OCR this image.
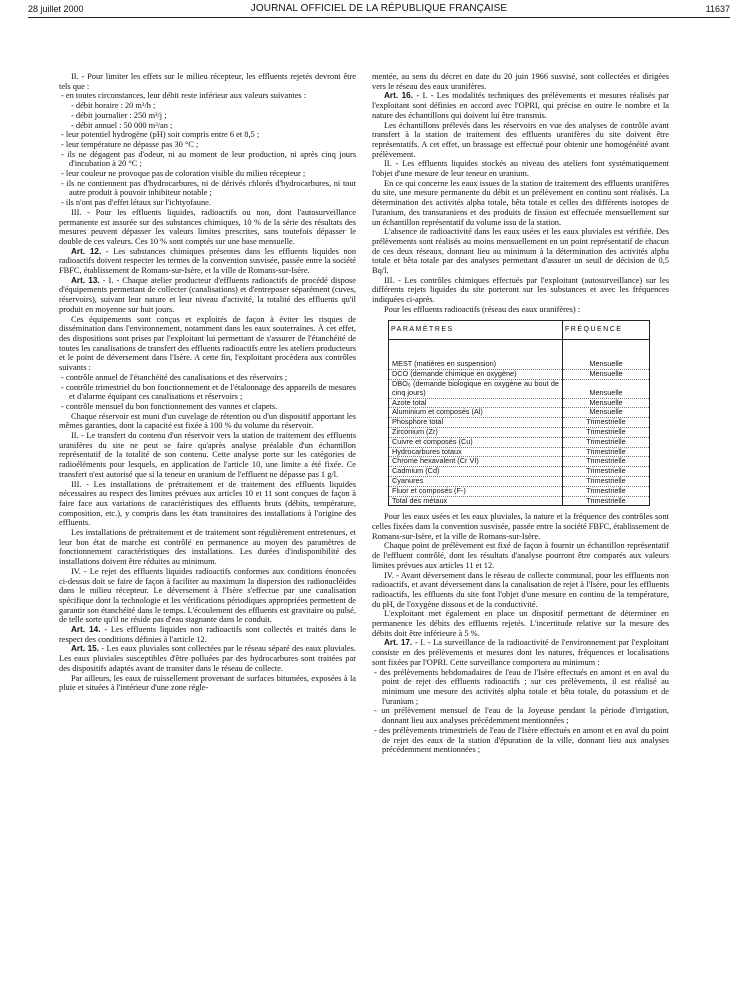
28 juillet 2000	JOURNAL OFFICIEL DE LA RÉPUBLIQUE FRANÇAISE	11637

II. - Pour limiter les effets sur le milieu récepteur, les effluents rejetés devront être tels que :

- en toutes circonstances, leur débit reste inférieur aux valeurs suivantes :
- débit horaire : 20 m³/h ;
- débit journalier : 250 m³/j ;
- débit annuel : 50 000 m³/an ;
- leur potentiel hydrogène (pH) soit compris entre 6 et 8,5 ;
- leur température ne dépasse pas 30 °C ;
- ils ne dégagent pas d'odeur, ni au moment de leur production, ni après cinq jours d'incubation à 20 °C ;
- leur couleur ne provoque pas de coloration visible du milieu récepteur ;
- ils ne contiennent pas d'hydrocarbures, ni de dérivés chlorés d'hydrocarbures, ni tout autre produit à pouvoir inhibiteur notable ;
- ils n'ont pas d'effet létaux sur l'ichtyofaune.

III. - Pour les effluents liquides, radioactifs ou non, dont l'autosurveillance permanente est assurée sur des substances chimiques, 10 % de la série des résultats des mesures peuvent dépasser les valeurs limites prescrites, sans toutefois dépasser le double de ces valeurs. Ces 10 % sont comptés sur une base mensuelle.

Art. 12. - Les substances chimiques présentes dans les effluents liquides non radioactifs doivent respecter les termes de la convention susvisée, passée entre la société FBFC, établissement de Romans-sur-Isère, et la ville de Romans-sur-Isère.

Art. 13. - I. - Chaque atelier producteur d'effluents radioactifs de procédé dispose d'équipements permettant de collecter (canalisations) et d'entreposer séparément (cuves, réservoirs), suivant leur nature et leur niveau d'activité, la totalité des effluents qu'il produit en moyenne sur huit jours.

Ces équipements sont conçus et exploités de façon à éviter les risques de dissémination dans l'environnement, notamment dans les eaux souterraines. À cet effet, des dispositions sont prises par l'exploitant lui permettant de s'assurer de l'étanchéité de toutes les canalisations de transfert des effluents radioactifs entre les ateliers producteurs et le point de déversement dans l'Isère. A cette fin, l'exploitant procèdera aux contrôles suivants :

- contrôle annuel de l'étanchéité des canalisations et des réservoirs ;
- contrôle trimestriel du bon fonctionnement et de l'étalonnage des appareils de mesures et d'alarme équipant ces canalisations et réservoirs ;
- contrôle mensuel du bon fonctionnement des vannes et clapets.

Chaque réservoir est muni d'un cuvelage de rétention ou d'un dispositif apportant les mêmes garanties, dont la capacité est fixée à 100 % du volume du réservoir.

II. - Le transfert du contenu d'un réservoir vers la station de traitement des effluents uranifères du site ne peut se faire qu'après analyse préalable d'un échantillon représentatif de la totalité de son contenu. Cette analyse porte sur les catégories de radioéléments pour lesquels, en application de l'article 10, une limite a été fixée. Ce transfert n'est autorisé que si la teneur en uranium de l'effluent ne dépasse pas 1 g/l.

III. - Les installations de prétraitement et de traitement des effluents liquides nécessaires au respect des limites prévues aux articles 10 et 11 sont conçues de façon à faire face aux variations de caractéristiques des effluents bruts (débits, température, composition, etc.), y compris dans les états transitoires des installations à l'origine des effluents.

Les installations de prétraitement et de traitement sont régulièrement entretenues, et leur bon état de marche est contrôlé en permanence au moyen des paramètres de fonctionnement caractéristiques des installations. Les durées d'indisponibilité des installations doivent être réduites au minimum.

IV. - Le rejet des effluents liquides radioactifs conformes aux conditions énoncées ci-dessus doit se faire de façon à faciliter au maximum la dispersion des radionucléides dans le milieu récepteur. Le déversement à l'Isère s'effectue par une canalisation spécifique dont la technologie et les vérifications périodiques appropriées permettent de garantir son étanchéité dans le temps. L'écoulement des effluents est gravitaire ou pulsé, de telle sorte qu'il ne réside pas d'eau stagnante dans le conduit.

Art. 14. - Les effluents liquides non radioactifs sont collectés et traités dans le respect des conditions définies à l'article 12.

Art. 15. - Les eaux pluviales sont collectées par le réseau séparé des eaux pluviales. Les eaux pluviales susceptibles d'être polluées par des hydrocarbures sont traitées par des dispositifs adaptés avant de transiter dans le réseau de collecte.

Par ailleurs, les eaux de ruissellement provenant de surfaces bitumées, exposées à la pluie et situées à l'intérieur d'une zone régle-

mentée, au sens du décret en date du 20 juin 1966 susvisé, sont collectées et dirigées vers le réseau des eaux uranifères.

Art. 16. - I. - Les modalités techniques des prélèvements et mesures réalisés par l'exploitant sont définies en accord avec l'OPRI, qui précise en outre le nombre et la nature des échantillons qui doivent lui être transmis.

Les échantillons prélevés dans les réservoirs en vue des analyses de contrôle avant transfert à la station de traitement des effluents uranifères du site doivent être représentatifs. A cet effet, un brassage est effectué pour obtenir une homogénéité avant prélèvement.

II. - Les effluents liquides stockés au niveau des ateliers font systématiquement l'objet d'une mesure de leur teneur en uranium.

En ce qui concerne les eaux issues de la station de traitement des effluents uranifères du site, une mesure permanente du débit et un prélèvement en continu sont réalisés. La détermination des activités alpha totale, bêta totale et celles des différents isotopes de l'uranium, des transuraniens et des produits de fission est effectuée mensuellement sur un échantillon représentatif du volume issu de la station.

L'absence de radioactivité dans les eaux usées et les eaux pluviales est vérifiée. Des prélèvements sont réalisés au moins mensuellement en un point représentatif de chacun de ces deux réseaux, donnant lieu au minimum à la détermination des activités alpha totale et bêta totale par des analyses permettant d'assurer un seuil de décision de 0,5 Bq/l.

III. - Les contrôles chimiques effectués par l'exploitant (autosurveillance) sur les différents rejets liquides du site porteront sur les substances et avec les fréquences indiquées ci-après.

Pour les effluents radioactifs (réseau des eaux uranifères) :

PARAMÈTRES	FRÉQUENCE
MEST (matières en suspension)	Mensuelle
DCO (demande chimique en oxygène)	Mensuelle
DBO₅ (demande biologique en oxygène au bout de cinq jours)	Mensuelle
Azote total	Mensuelle
Aluminium et composés (Al)	Mensuelle
Phosphore total	Trimestrielle
Zirconium (Zr)	Trimestrielle
Cuivre et composés (Cu)	Trimestrielle
Hydrocarbures totaux	Trimestrielle
Chrome hexavalent (Cr VI)	Trimestrielle
Cadmium (Cd)	Trimestrielle
Cyanures	Trimestrielle
Fluor et composés (F-)	Trimestrielle
Total des métaux	Trimestrielle

Pour les eaux usées et les eaux pluviales, la nature et la fréquence des contrôles sont celles fixées dans la convention susvisée, passée entre la société FBFC, établissement de Romans-sur-Isère, et la ville de Romans-sur-Isère.

Chaque point de prélèvement est fixé de façon à fournir un échantillon représentatif de l'effluent contrôlé, dont les résultats d'analyse pourront être comparés aux valeurs limites prévues aux articles 11 et 12.

IV. - Avant déversement dans le réseau de collecte communal, pour les effluents non radioactifs, et avant déversement dans la canalisation de rejet à l'Isère, pour les effluents radioactifs, les effluents du site font l'objet d'une mesure en continu de la température, du pH, de l'oxygène dissous et de la conductivité.

L'exploitant met également en place un dispositif permettant de déterminer en permanence les débits des effluents rejetés. L'incertitude relative sur la mesure des débits doit être inférieure à 5 %.

Art. 17. - I. - La surveillance de la radioactivité de l'environnement par l'exploitant consiste en des prélèvements et mesures dont les natures, fréquences et localisations sont fixées par l'OPRI. Cette surveillance comportera au minimum :

- des prélèvements hebdomadaires de l'eau de l'Isère effectués en amont et en aval du point de rejet des effluents radioactifs ; sur ces prélèvements, il est réalisé au minimum une mesure des activités alpha totale et bêta totale, du potassium et de l'uranium ;
- un prélèvement mensuel de l'eau de la Joyeuse pendant la période d'irrigation, donnant lieu aux analyses précédemment mentionnées ;
- des prélèvements trimestriels de l'eau de l'Isère effectués en amont et en aval du point de rejet des eaux de la station d'épuration de la ville, donnant lieu aux analyses précédemment mentionnées ;
